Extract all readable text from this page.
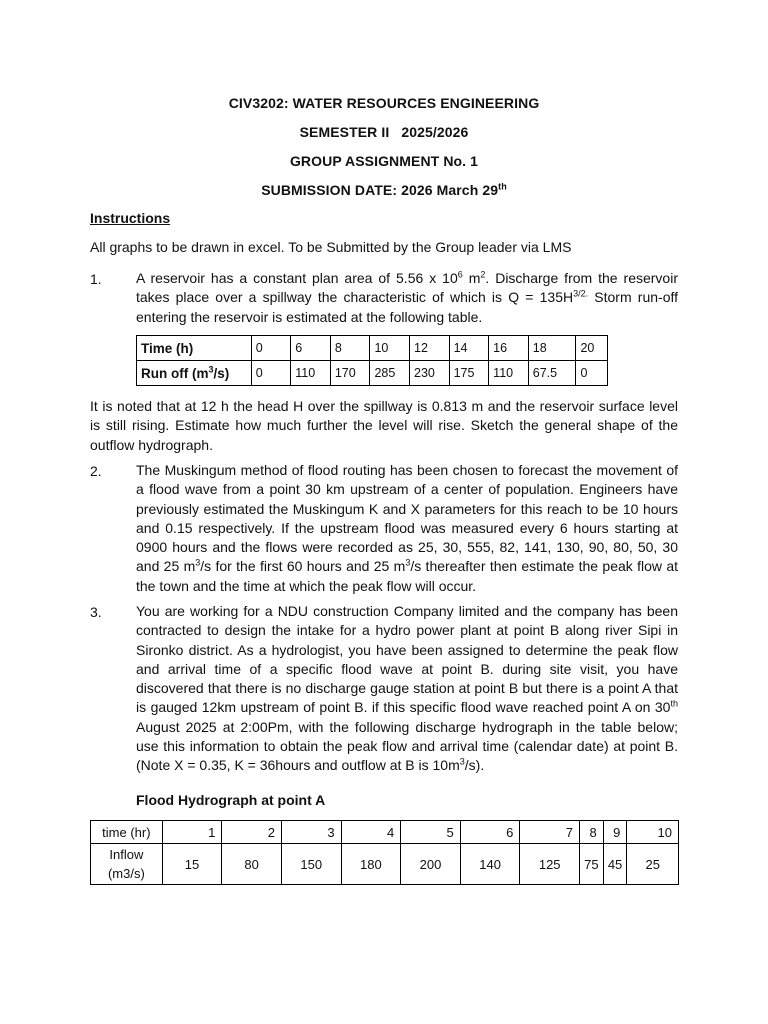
CIV3202: WATER RESOURCES ENGINEERING
SEMESTER II   2025/2026
GROUP ASSIGNMENT No. 1
SUBMISSION DATE: 2026 March 29th
Instructions
All graphs to be drawn in excel. To be Submitted by the Group leader via LMS
1. A reservoir has a constant plan area of 5.56 x $10^6$ $m^2$. Discharge from the reservoir takes place over a spillway the characteristic of which is $Q = 135H^{3/2.}$ Storm run-off entering the reservoir is estimated at the following table.
Time (h)	0	6	8	10	12	14	16	18	20
Run off $(m^3/s)$	0	110	170	285	230	175	110	67.5	0
It is noted that at 12 h the head H over the spillway is 0.813 m and the reservoir surface level is still rising. Estimate how much further the level will rise. Sketch the general shape of the outflow hydrograph.
2. The Muskingum method of flood routing has been chosen to forecast the movement of a flood wave from a point 30 km upstream of a center of population. Engineers have previously estimated the Muskingum K and X parameters for this reach to be 10 hours and 0.15 respectively. If the upstream flood was measured every 6 hours starting at 0900 hours and the flows were recorded as 25, 30, 555, 82, 141, 130, 90, 80, 50, 30 and 25 $m^3/s$ for the first 60 hours and 25 $m^3/s$ thereafter then estimate the peak flow at the town and the time at which the peak flow will occur.
3. You are working for a NDU construction Company limited and the company has been contracted to design the intake for a hydro power plant at point B along river Sipi in Sironko district. As a hydrologist, you have been assigned to determine the peak flow and arrival time of a specific flood wave at point B. during site visit, you have discovered that there is no discharge gauge station at point B but there is a point A that is gauged 12km upstream of point B. if this specific flood wave reached point A on 30th August 2025 at 2:00Pm, with the following discharge hydrograph in the table below; use this information to obtain the peak flow and arrival time (calendar date) at point B. (Note X = 0.35, K = 36hours and outflow at B is $10m^3/s$).
Flood Hydrograph at point A
time (hr)	1	2	3	4	5	6	7	8	9	10
Inflow
(m3/s)	15	80	150	180	200	140	125	75	45	25
